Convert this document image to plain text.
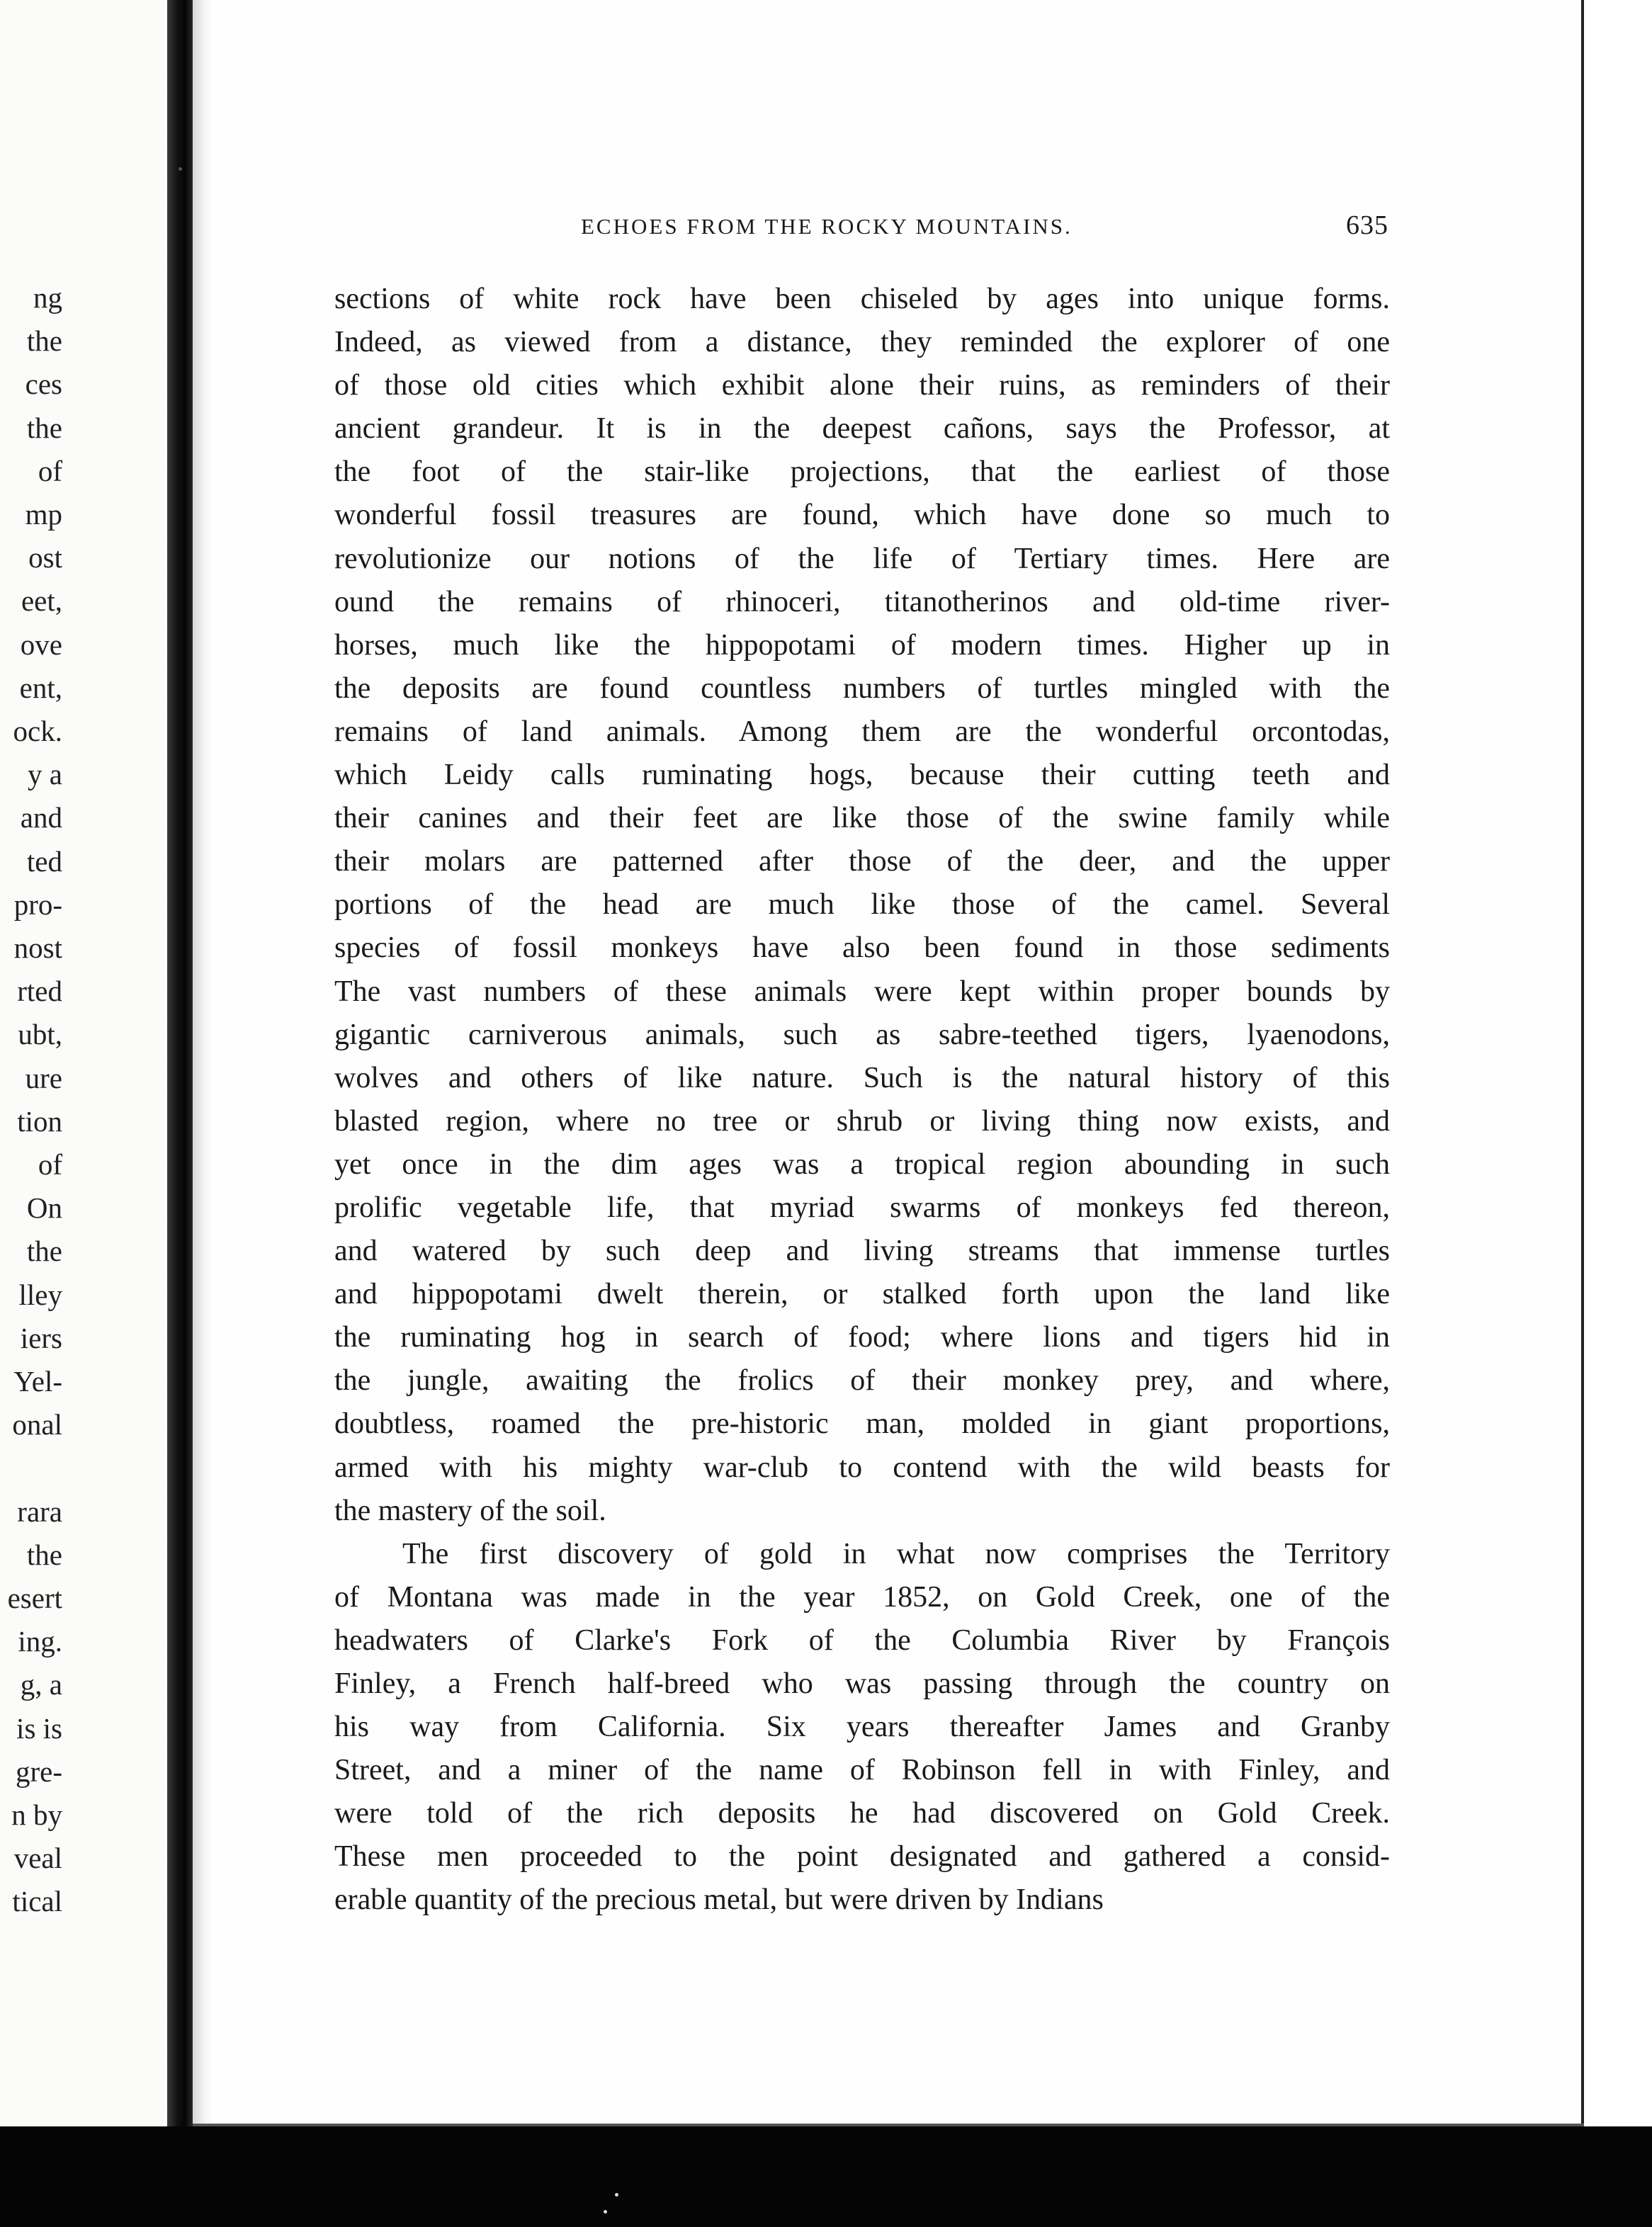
ng
the
ces
the
of
mp
ost
eet,
ove
ent,
ock.
y a
and
ted
pro-
nost
rted
ubt,
ure
tion
of
On
the
lley
iers
Yel-
onal
rara
the
esert
ing.
g, a
is is
gre-
n by
veal
tical
ECHOES FROM THE ROCKY MOUNTAINS.	635
sections of white rock have been chiseled by ages into unique forms.
Indeed, as viewed from a distance, they reminded the explorer of one
of those old cities which exhibit alone their ruins, as reminders of their
ancient grandeur. It is in the deepest cañons, says the Professor, at
the foot of the stair-like projections, that the earliest of those
wonderful fossil treasures are found, which have done so much to
revolutionize our notions of the life of Tertiary times. Here are
ound the remains of rhinoceri, titanotherinos and old-time river-
horses, much like the hippopotami of modern times. Higher up in
the deposits are found countless numbers of turtles mingled with the
remains of land animals. Among them are the wonderful orcontodas,
which Leidy calls ruminating hogs, because their cutting teeth and
their canines and their feet are like those of the swine family while
their molars are patterned after those of the deer, and the upper
portions of the head are much like those of the camel. Several
species of fossil monkeys have also been found in those sediments
The vast numbers of these animals were kept within proper bounds by
gigantic carniverous animals, such as sabre-teethed tigers, lyaenodons,
wolves and others of like nature. Such is the natural history of this
blasted region, where no tree or shrub or living thing now exists, and
yet once in the dim ages was a tropical region abounding in such
prolific vegetable life, that myriad swarms of monkeys fed thereon,
and watered by such deep and living streams that immense turtles
and hippopotami dwelt therein, or stalked forth upon the land like
the ruminating hog in search of food; where lions and tigers hid in
the jungle, awaiting the frolics of their monkey prey, and where,
doubtless, roamed the pre-historic man, molded in giant proportions,
armed with his mighty war-club to contend with the wild beasts for
the mastery of the soil.
The first discovery of gold in what now comprises the Territory
of Montana was made in the year 1852, on Gold Creek, one of the
headwaters of Clarke's Fork of the Columbia River by François
Finley, a French half-breed who was passing through the country on
his way from California. Six years thereafter James and Granby
Street, and a miner of the name of Robinson fell in with Finley, and
were told of the rich deposits he had discovered on Gold Creek.
These men proceeded to the point designated and gathered a consid-
erable quantity of the precious metal, but were driven by Indians
